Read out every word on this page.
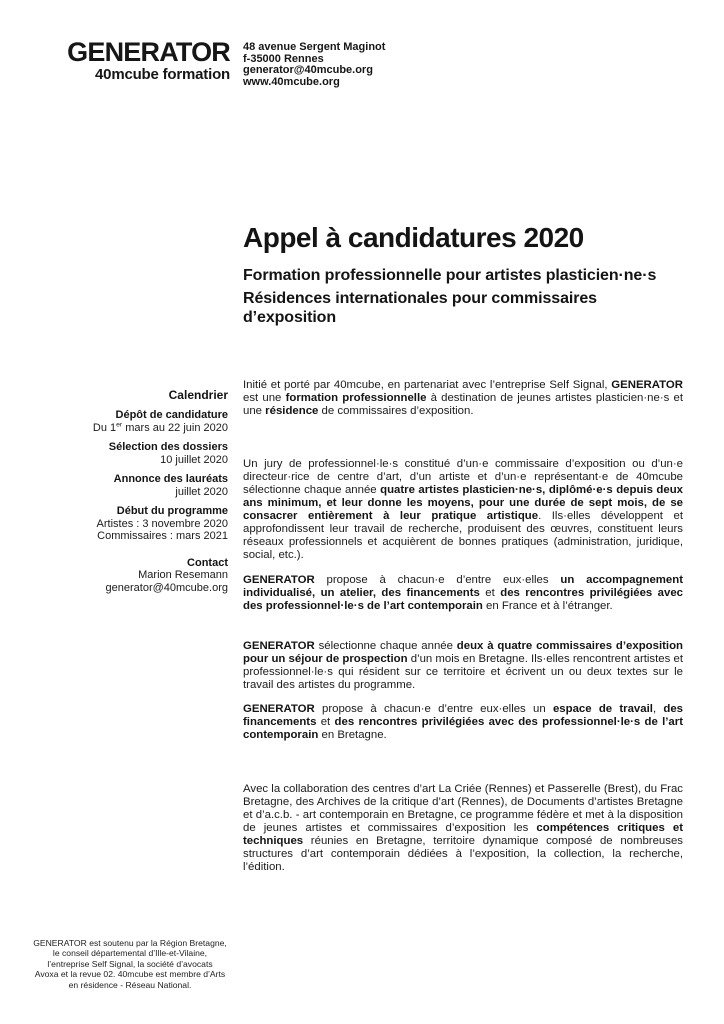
GENERATOR
40mcube formation
48 avenue Sergent Maginot
f-35000 Rennes
generator@40mcube.org
www.40mcube.org
Appel à candidatures 2020

Formation professionnelle pour artistes plasticien·ne·s

Résidences internationales pour commissaires d’exposition

Calendrier
Dépôt de candidature
Du 1er mars au 22 juin 2020
Sélection des dossiers
10 juillet 2020
Annonce des lauréats
juillet 2020
Début du programme
Artistes : 3 novembre 2020
Commissaires : mars 2021
Contact
Marion Resemann
generator@40mcube.org

Initié et porté par 40mcube, en partenariat avec l’entreprise Self Signal, GENERATOR est une formation professionnelle à destination de jeunes artistes plasticien·ne·s et une résidence de commissaires d’exposition.

Un jury de professionnel·le·s constitué d’un·e commissaire d’exposition ou d’un·e directeur·rice de centre d’art, d’un artiste et d’un·e représentant·e de 40mcube sélectionne chaque année quatre artistes plasticien·ne·s, diplômé·e·s depuis deux ans minimum, et leur donne les moyens, pour une durée de sept mois, de se consacrer entièrement à leur pratique artistique. Ils·elles développent et approfondissent leur travail de recherche, produisent des œuvres, constituent leurs réseaux professionnels et acquièrent de bonnes pratiques (administration, juridique, social, etc.).

GENERATOR propose à chacun·e d’entre eux·elles un accompagnement individualisé, un atelier, des financements et des rencontres privilégiées avec des professionnel·le·s de l’art contemporain en France et à l’étranger.

GENERATOR sélectionne chaque année deux à quatre commissaires d’exposition pour un séjour de prospection d’un mois en Bretagne. Ils·elles rencontrent artistes et professionnel·le·s qui résident sur ce territoire et écrivent un ou deux textes sur le travail des artistes du programme.

GENERATOR propose à chacun·e d’entre eux·elles un espace de travail, des financements et des rencontres privilégiées avec des professionnel·le·s de l’art contemporain en Bretagne.

Avec la collaboration des centres d’art La Criée (Rennes) et Passerelle (Brest), du Frac Bretagne, des Archives de la critique d’art (Rennes), de Documents d’artistes Bretagne et d’a.c.b. - art contemporain en Bretagne, ce programme fédère et met à la disposition de jeunes artistes et commissaires d’exposition les compétences critiques et techniques réunies en Bretagne, territoire dynamique composé de nombreuses structures d’art contemporain dédiées à l’exposition, la collection, la recherche, l’édition.

GENERATOR est soutenu par la Région Bretagne,
le conseil départemental d’Ille-et-Vilaine,
l’entreprise Self Signal, la société d’avocats
Avoxa et la revue 02. 40mcube est membre d’Arts
en résidence - Réseau National.
